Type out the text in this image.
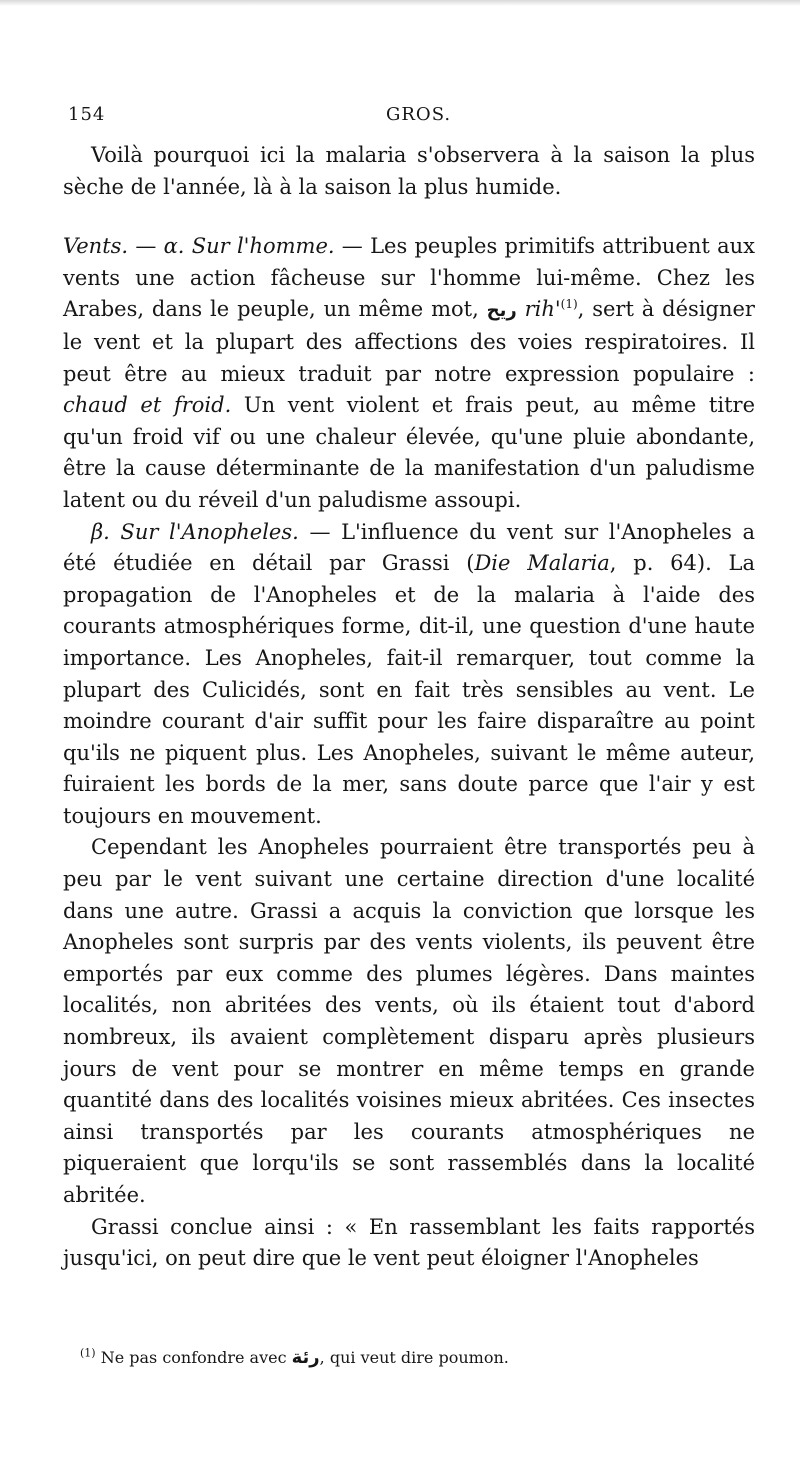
154	GROS.

Voilà pourquoi ici la malaria s'observera à la saison la plus sèche de l'année, là à la saison la plus humide.

Vents. — α. Sur l'homme. — Les peuples primitifs attribuent aux vents une action fâcheuse sur l'homme lui-même. Chez les Arabes, dans le peuple, un même mot, ريح rih'$^{(1)}$, sert à désigner le vent et la plupart des affections des voies respiratoires. Il peut être au mieux traduit par notre expression populaire : chaud et froid. Un vent violent et frais peut, au même titre qu'un froid vif ou une chaleur élevée, qu'une pluie abondante, être la cause déterminante de la manifestation d'un paludisme latent ou du réveil d'un paludisme assoupi.

β. Sur l'Anopheles. — L'influence du vent sur l'Anopheles a été étudiée en détail par Grassi (Die Malaria, p. 64). La propagation de l'Anopheles et de la malaria à l'aide des courants atmosphériques forme, dit-il, une question d'une haute importance. Les Anopheles, fait-il remarquer, tout comme la plupart des Culicidés, sont en fait très sensibles au vent. Le moindre courant d'air suffit pour les faire disparaître au point qu'ils ne piquent plus. Les Anopheles, suivant le même auteur, fuiraient les bords de la mer, sans doute parce que l'air y est toujours en mouvement.

Cependant les Anopheles pourraient être transportés peu à peu par le vent suivant une certaine direction d'une localité dans une autre. Grassi a acquis la conviction que lorsque les Anopheles sont surpris par des vents violents, ils peuvent être emportés par eux comme des plumes légères. Dans maintes localités, non abritées des vents, où ils étaient tout d'abord nombreux, ils avaient complètement disparu après plusieurs jours de vent pour se montrer en même temps en grande quantité dans des localités voisines mieux abritées. Ces insectes ainsi transportés par les courants atmosphériques ne piqueraient que lorqu'ils se sont rassemblés dans la localité abritée.

Grassi conclue ainsi : « En rassemblant les faits rapportés jusqu'ici, on peut dire que le vent peut éloigner l'Anopheles

$^{(1)}$ Ne pas confondre avec رئة, qui veut dire poumon.
